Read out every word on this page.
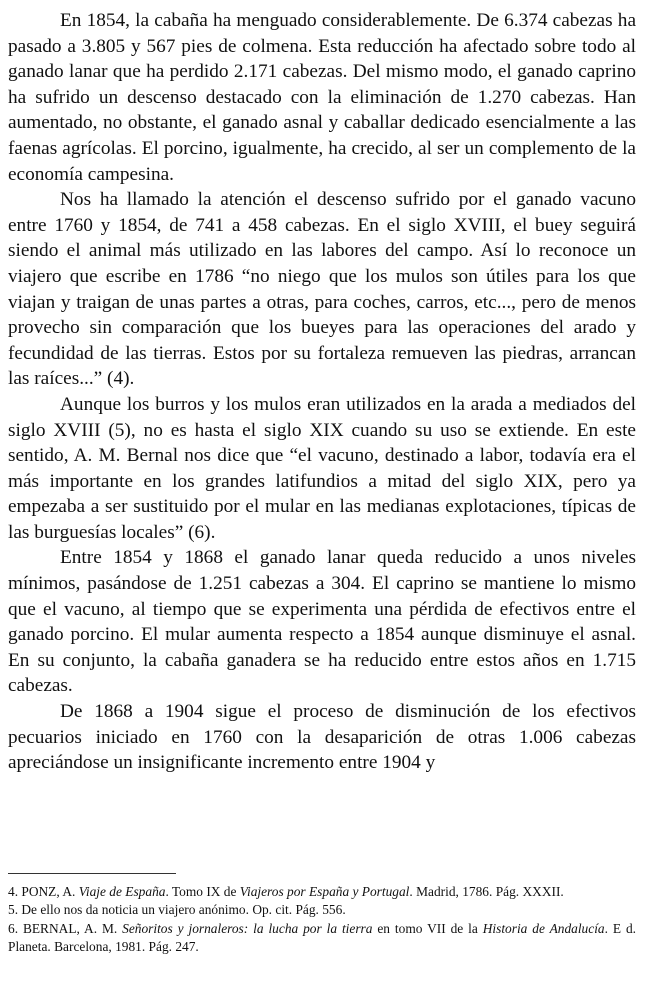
En 1854, la cabaña ha menguado considerablemente. De 6.374 cabezas ha pasado a 3.805 y 567 pies de colmena. Esta reducción ha afectado sobre todo al ganado lanar que ha perdido 2.171 cabezas. Del mismo modo, el ganado caprino ha sufrido un descenso destacado con la eliminación de 1.270 cabezas. Han aumentado, no obstante, el ganado asnal y caballar dedicado esencialmente a las faenas agrícolas. El porcino, igualmente, ha crecido, al ser un complemento de la economía campesina.

Nos ha llamado la atención el descenso sufrido por el ganado vacuno entre 1760 y 1854, de 741 a 458 cabezas. En el siglo XVIII, el buey seguirá siendo el animal más utilizado en las labores del campo. Así lo reconoce un viajero que escribe en 1786 “no niego que los mulos son útiles para los que viajan y traigan de unas partes a otras, para coches, carros, etc..., pero de menos provecho sin comparación que los bueyes para las operaciones del arado y fecundidad de las tierras. Estos por su fortaleza remueven las piedras, arrancan las raíces...” (4).

Aunque los burros y los mulos eran utilizados en la arada a mediados del siglo XVIII (5), no es hasta el siglo XIX cuando su uso se extiende. En este sentido, A. M. Bernal nos dice que “el vacuno, destinado a labor, todavía era el más importante en los grandes latifundios a mitad del siglo XIX, pero ya empezaba a ser sustituido por el mular en las medianas explotaciones, típicas de las burguesías locales” (6).

Entre 1854 y 1868 el ganado lanar queda reducido a unos niveles mínimos, pasándose de 1.251 cabezas a 304. El caprino se mantiene lo mismo que el vacuno, al tiempo que se experimenta una pérdida de efectivos entre el ganado porcino. El mular aumenta respecto a 1854 aunque disminuye el asnal. En su conjunto, la cabaña ganadera se ha reducido entre estos años en 1.715 cabezas.

De 1868 a 1904 sigue el proceso de disminución de los efectivos pecuarios iniciado en 1760 con la desaparición de otras 1.006 cabezas apreciándose un insignificante incremento entre 1904 y

4. PONZ, A. Viaje de España. Tomo IX de Viajeros por España y Portugal. Madrid, 1786. Pág. XXXII.

5. De ello nos da noticia un viajero anónimo. Op. cit. Pág. 556.

6. BERNAL, A. M. Señoritos y jornaleros: la lucha por la tierra en tomo VII de la Historia de Andalucía. E d. Planeta. Barcelona, 1981. Pág. 247.
